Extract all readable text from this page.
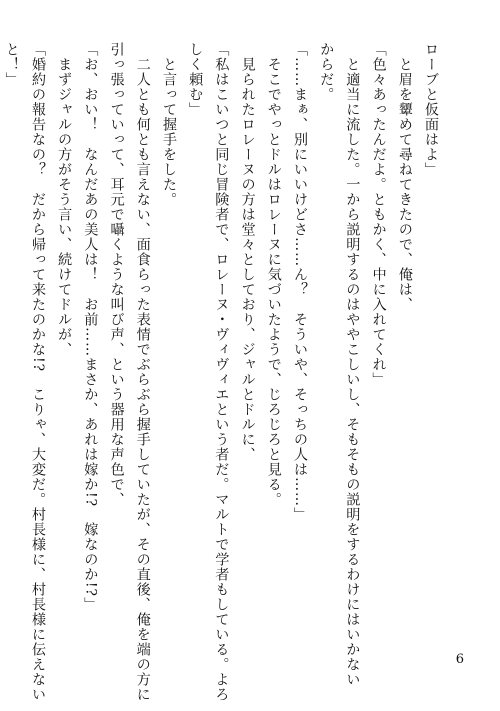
ローブと仮面はよ」

　と眉を顰めて尋ねてきたので、俺は、

「色々あったんだよ。ともかく、中に入れてくれ」

　と適当に流した。一から説明するのはややこしいし、そもそもの説明をするわけにはいかない

からだ。

「……まぁ、別にいいけどさ……ん？　そういや、そっちの人は……」

　そこでやっとドルはロレーヌに気づいたようで、じろじろと見る。

　見られたロレーヌの方は堂々としており、ジャルとドルに、

「私はこいつと同じ冒険者で、ロレーヌ・ヴィヴィエという者だ。マルトで学者もしている。よろ

しく頼む」

　と言って握手をした。

　二人とも何とも言えない、面食らった表情でぶらぶら握手していたが、その直後、俺を端の方に

引っ張っていって、耳元で囁くような叫び声、という器用な声色で、

「お、おい！　なんだあの美人は！　お前……まさか、あれは嫁か!?　嫁なのか!?」

　まずジャルの方がそう言い、続けてドルが、

「婚約の報告なの？　だから帰って来たのかな!?　こりゃ、大変だ。村長様に、村長様に伝えない

と！」

6
